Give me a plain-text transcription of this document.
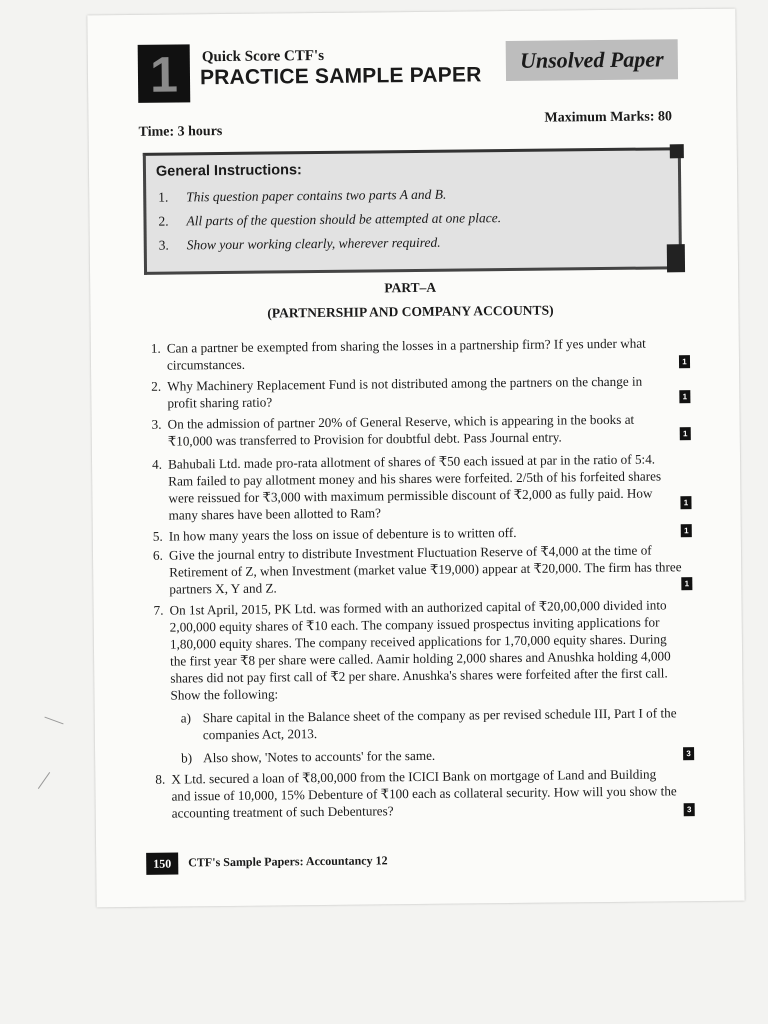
1	Quick Score CTF's
PRACTICE SAMPLE PAPER
Unsolved Paper
Time: 3 hours
Maximum Marks: 80
General Instructions:
1. This question paper contains two parts A and B.
2. All parts of the question should be attempted at one place.
3. Show your working clearly, wherever required.
PART–A
(PARTNERSHIP AND COMPANY ACCOUNTS)
1. Can a partner be exempted from sharing the losses in a partnership firm? If yes under what
circumstances.	1
2. Why Machinery Replacement Fund is not distributed among the partners on the change in
profit sharing ratio?	1
3. On the admission of partner 20% of General Reserve, which is appearing in the books at
₹10,000 was transferred to Provision for doubtful debt. Pass Journal entry.	1
4. Bahubali Ltd. made pro-rata allotment of shares of ₹50 each issued at par in the ratio of 5:4.
Ram failed to pay allotment money and his shares were forfeited. 2/5th of his forfeited shares
were reissued for ₹3,000 with maximum permissible discount of ₹2,000 as fully paid. How
many shares have been allotted to Ram?
1
5. In how many years the loss on issue of debenture is to written off.	1
6. Give the journal entry to distribute Investment Fluctuation Reserve of ₹4,000 at the time of
Retirement of Z, when Investment (market value ₹19,000) appear at ₹20,000. The firm has three
partners X, Y and Z.	1
7. On 1st April, 2015, PK Ltd. was formed with an authorized capital of ₹20,00,000 divided into
2,00,000 equity shares of ₹10 each. The company issued prospectus inviting applications for
1,80,000 equity shares. The company received applications for 1,70,000 equity shares. During
the first year ₹8 per share were called. Aamir holding 2,000 shares and Anushka holding 4,000
shares did not pay first call of ₹2 per share. Anushka's shares were forfeited after the first call.
Show the following:
a) Share capital in the Balance sheet of the company as per revised schedule III, Part I of the
companies Act, 2013.
b) Also show, 'Notes to accounts' for the same.	3
8. X Ltd. secured a loan of ₹8,00,000 from the ICICI Bank on mortgage of Land and Building
and issue of 10,000, 15% Debenture of ₹100 each as collateral security. How will you show the
accounting treatment of such Debentures?	3
150	CTF's Sample Papers: Accountancy 12
